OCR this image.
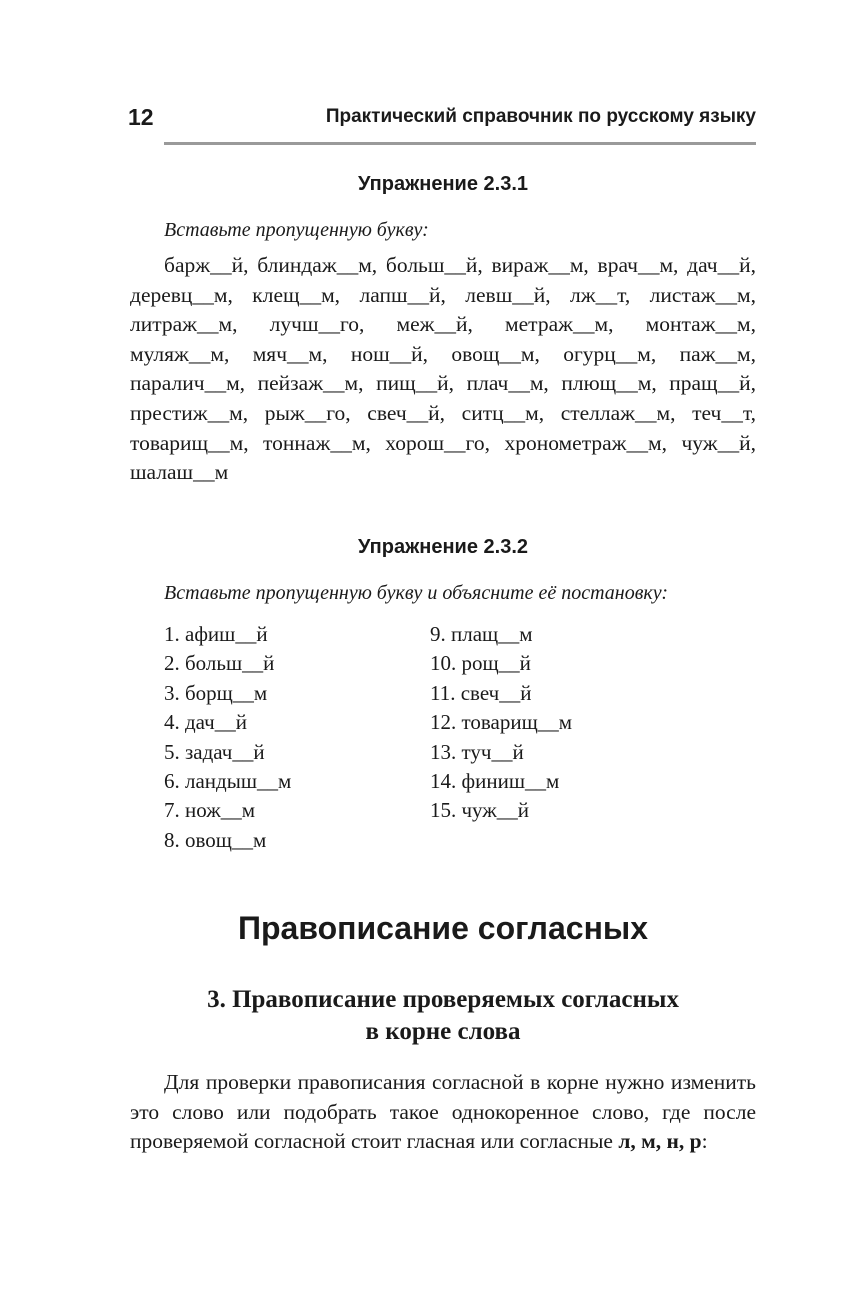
12	Практический справочник по русскому языку
Упражнение 2.3.1
Вставьте пропущенную букву:
барж__й, блиндаж__м, больш__й, вираж__м, врач__м, дач__й, деревц__м, клещ__м, лапш__й, левш__й, лж__т, листаж__м, литраж__м, лучш__го, меж__й, метраж__м, монтаж__м, муляж__м, мяч__м, нош__й, овощ__м, огурц__м, паж__м, паралич__м, пейзаж__м, пищ__й, плач__м, плющ__м, пращ__й, престиж__м, рыж__го, свеч__й, ситц__м, стеллаж__м, теч__т, товарищ__м, тоннаж__м, хорош__го, хронометраж__м, чуж__й, шалаш__м
Упражнение 2.3.2
Вставьте пропущенную букву и объясните её постановку:
1. афиш__й
2. больш__й
3. борщ__м
4. дач__й
5. задач__й
6. ландыш__м
7. нож__м
8. овощ__м
9. плащ__м
10. рощ__й
11. свеч__й
12. товарищ__м
13. туч__й
14. финиш__м
15. чуж__й
Правописание согласных
3. Правописание проверяемых согласных
в корне слова
Для проверки правописания согласной в корне нужно изменить это слово или подобрать такое однокоренное слово, где после проверяемой согласной стоит гласная или согласные л, м, н, р:
